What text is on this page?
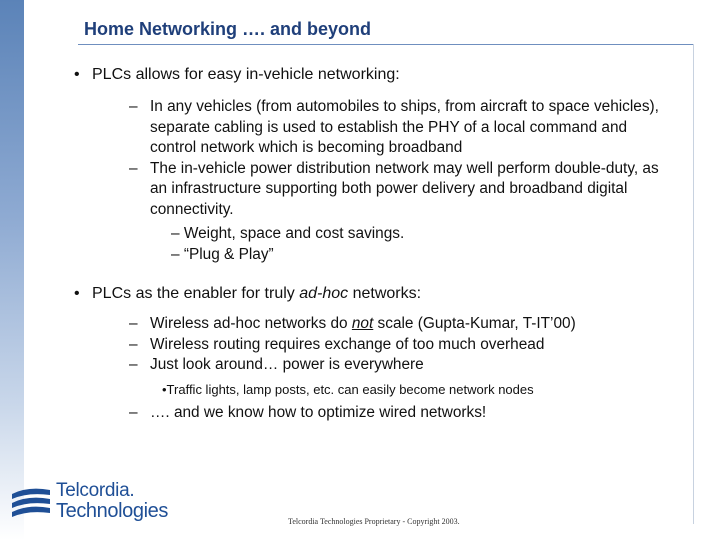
Home Networking …. and beyond
• PLCs allows for easy in-vehicle networking:
– In any vehicles (from automobiles to ships, from aircraft to space vehicles), separate cabling is used to establish the PHY of a local command and control network which is becoming broadband
– The in-vehicle power distribution network may well perform double-duty, as an infrastructure supporting both power delivery and broadband digital connectivity.
– Weight, space and cost savings.
– “Plug & Play”
• PLCs as the enabler for truly ad-hoc networks:
– Wireless ad-hoc networks do not scale (Gupta-Kumar, T-IT’00)
– Wireless routing requires exchange of too much overhead
– Just look around… power is everywhere
•Traffic lights, lamp posts, etc. can easily become network nodes
– …. and we know how to optimize wired networks!
Telcordia.
Technologies	Telcordia Technologies Proprietary - Copyright 2003.
